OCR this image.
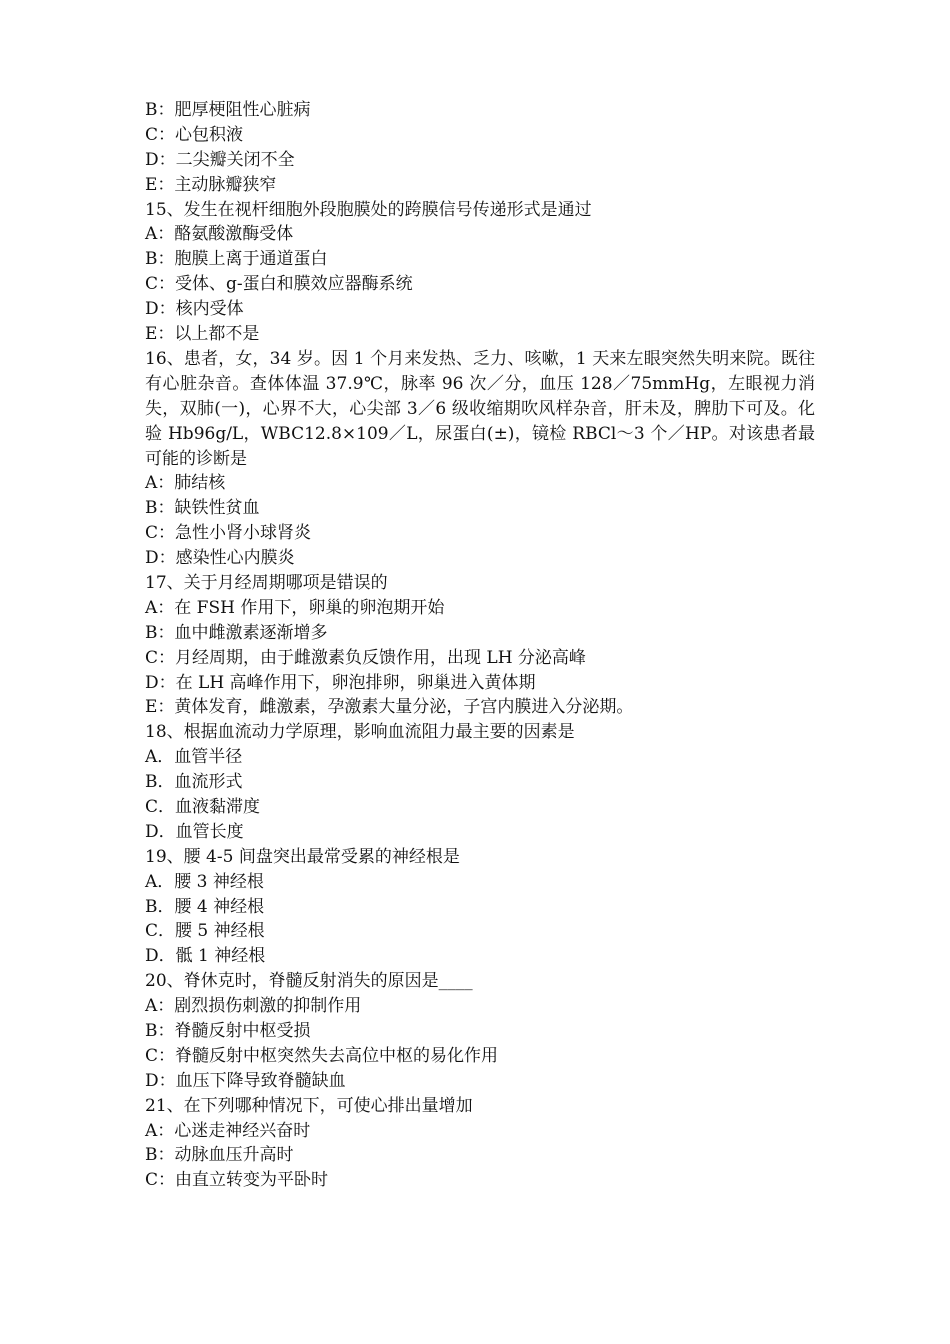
B：肥厚梗阻性心脏病
C：心包积液
D：二尖瓣关闭不全
E：主动脉瓣狭窄
15、发生在视杆细胞外段胞膜处的跨膜信号传递形式是通过
A：酪氨酸激酶受体
B：胞膜上离于通道蛋白
C：受体、g-蛋白和膜效应器酶系统
D：核内受体
E：以上都不是
16、患者，女，34 岁。因 1 个月来发热、乏力、咳嗽，1 天来左眼突然失明来院。既往有心脏杂音。查体体温 37.9℃，脉率 96 次／分，血压 128／75mmHg，左眼视力消失，双肺(一)，心界不大，心尖部 3／6 级收缩期吹风样杂音，肝未及，脾肋下可及。化验 Hb96g/L，WBC12.8×109／L，尿蛋白(±)，镜检 RBCl～3 个／HP。对该患者最可能的诊断是
A：肺结核
B：缺铁性贫血
C：急性小肾小球肾炎
D：感染性心内膜炎
17、关于月经周期哪项是错误的
A：在 FSH 作用下，卵巢的卵泡期开始
B：血中雌激素逐渐增多
C：月经周期，由于雌激素负反馈作用，出现 LH 分泌高峰
D：在 LH 高峰作用下，卵泡排卵，卵巢进入黄体期
E：黄体发育，雌激素，孕激素大量分泌，子宫内膜进入分泌期。
18、根据血流动力学原理，影响血流阻力最主要的因素是
A．血管半径
B．血流形式
C．血液黏滞度
D．血管长度
19、腰 4-5 间盘突出最常受累的神经根是
A．腰 3 神经根
B．腰 4 神经根
C．腰 5 神经根
D．骶 1 神经根
20、脊休克时，脊髓反射消失的原因是____
A：剧烈损伤刺激的抑制作用
B：脊髓反射中枢受损
C：脊髓反射中枢突然失去高位中枢的易化作用
D：血压下降导致脊髓缺血
21、在下列哪种情况下，可使心排出量增加
A：心迷走神经兴奋时
B：动脉血压升高时
C：由直立转变为平卧时
